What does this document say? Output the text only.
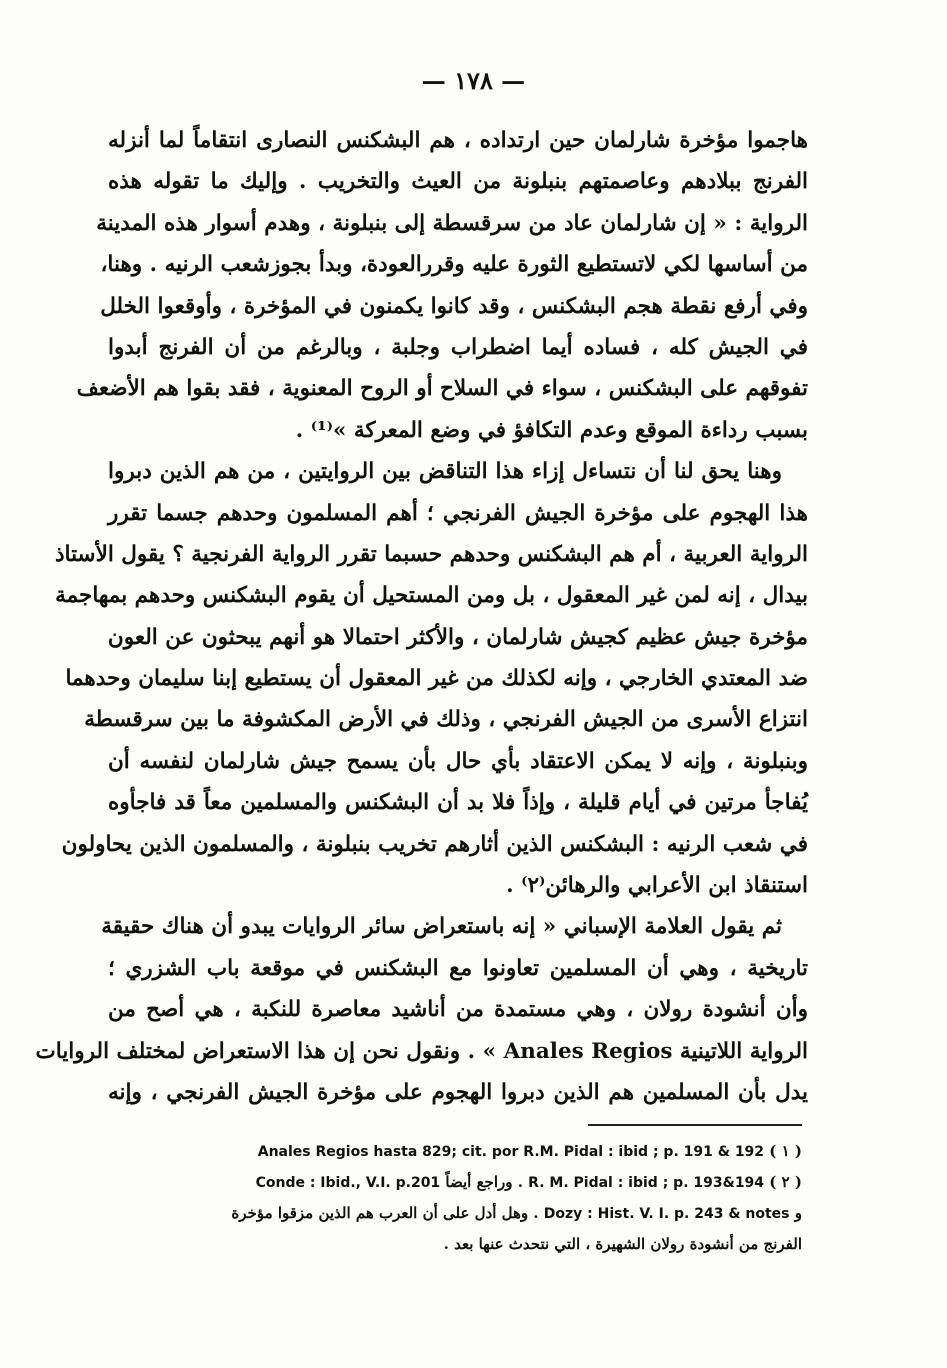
— ١٧٨ —
هاجموا مؤخرة شارلمان حين ارتداده ، هم البشكنس النصارى انتقاماً لما أنزله
الفرنج ببلادهم وعاصمتهم بنبلونة من العيث والتخريب . وإليك ما تقوله هذه
الرواية : « إن شارلمان عاد من سرقسطة إلى بنبلونة ، وهدم أسوار هذه المدينة
من أساسها لكي لاتستطيع الثورة عليه وقررالعودة، وبدأ بجوزشعب الرنيه . وهنا،
وفي أرفع نقطة هجم البشكنس ، وقد كانوا يكمنون في المؤخرة ، وأوقعوا الخلل
في الجيش كله ، فساده أيما اضطراب وجلبة ، وبالرغم من أن الفرنج أبدوا
تفوقهم على البشكنس ، سواء في السلاح أو الروح المعنوية ، فقد بقوا هم الأضعف
بسبب رداءة الموقع وعدم التكافؤ في وضع المعركة »⁽¹⁾ .
وهنا يحق لنا أن نتساءل إزاء هذا التناقض بين الروايتين ، من هم الذين دبروا
هذا الهجوم على مؤخرة الجيش الفرنجي ؛ أهم المسلمون وحدهم جسما تقرر
الرواية العربية ، أم هم البشكنس وحدهم حسبما تقرر الرواية الفرنجية ؟ يقول الأستاذ
بيدال ، إنه لمن غير المعقول ، بل ومن المستحيل أن يقوم البشكنس وحدهم بمهاجمة
مؤخرة جيش عظيم كجيش شارلمان ، والأكثر احتمالا هو أنهم يبحثون عن العون
ضد المعتدي الخارجي ، وإنه لكذلك من غير المعقول أن يستطيع إبنا سليمان وحدهما
انتزاع الأسرى من الجيش الفرنجي ، وذلك في الأرض المكشوفة ما بين سرقسطة
وبنبلونة ، وإنه لا يمكن الاعتقاد بأي حال بأن يسمح جيش شارلمان لنفسه أن
يُفاجأ مرتين في أيام قليلة ، وإذاً فلا بد أن البشكنس والمسلمين معاً قد فاجأوه
في شعب الرنيه : البشكنس الذين أثارهم تخريب بنبلونة ، والمسلمون الذين يحاولون
استنقاذ ابن الأعرابي والرهائن⁽٢⁾ .
ثم يقول العلامة الإسباني « إنه باستعراض سائر الروايات يبدو أن هناك حقيقة
تاريخية ، وهي أن المسلمين تعاونوا مع البشكنس في موقعة باب الشزري ؛
وأن أنشودة رولان ، وهي مستمدة من أناشيد معاصرة للنكبة ، هي أصح من
الرواية اللاتينية Anales Regios » . ونقول نحن إن هذا الاستعراض لمختلف الروايات
يدل بأن المسلمين هم الذين دبروا الهجوم على مؤخرة الجيش الفرنجي ، وإنه
( ١ ) Anales Regios hasta 829; cit. por R.M. Pidal : ibid ; p. 191 & 192
( ٢ ) R. M. Pidal : ibid ; p. 193&194 . وراجع أيضاً Conde : Ibid., V.I. p.201
و Dozy : Hist. V. I. p. 243 & notes . وهل أدل على أن العرب هم الذين مزقوا مؤخرة
الفرنج من أنشودة رولان الشهيرة ، التي نتحدث عنها بعد .
